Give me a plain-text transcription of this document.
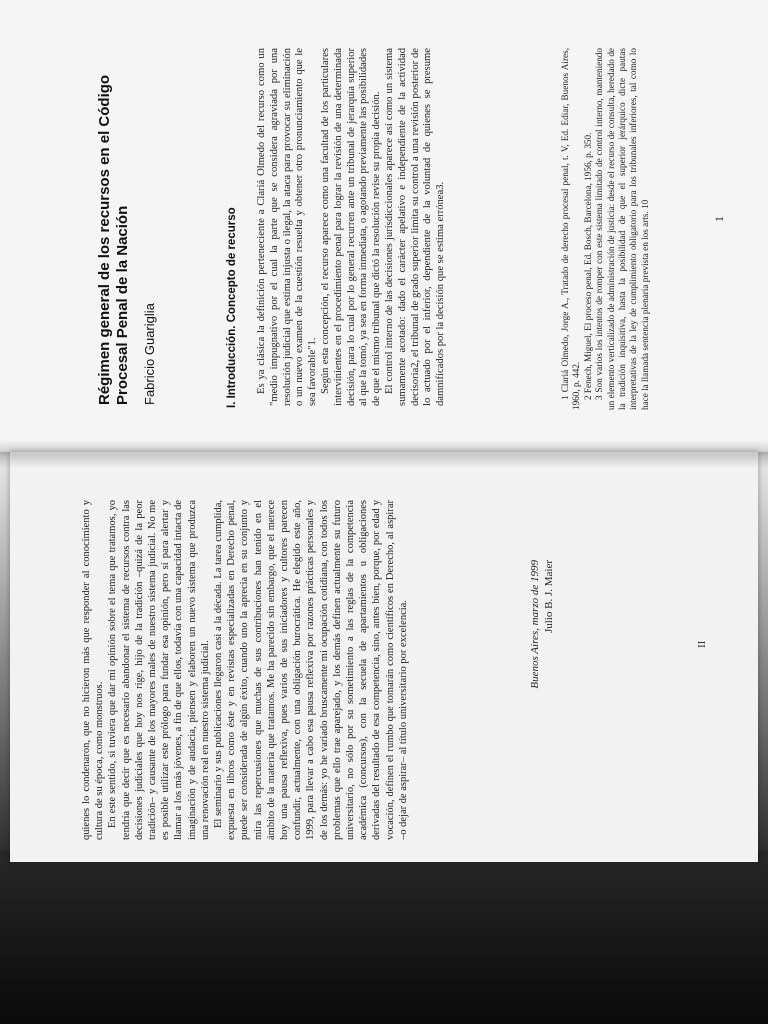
Régimen general de los recursos en el Código Procesal Penal de la Nación Fabricio Guariglia	I. Introducción. Concepto de recurso Es ya clásica la definición perteneciente a Clariá Olmedo del recurso como un "medio impugnativo por el cual la parte que se considera agraviada por una resolución judicial que estima injusta o ilegal, la ataca para provocar su eliminación o un nuevo examen de la cuestión resuelta y obtener otro pronunciamiento que le sea favorable"1. Según esta concepción, el recurso aparece como una facultad de los particulares intervinientes en el procedimiento penal para lograr la revisión de una determinada decisión, para lo cual por lo general recurren ante un tribunal de jerarquía superior al que la tomó, ya sea en forma inmediata, o agotando previamente las posibilidades de que el mismo tribunal que dictó la resolución revise su propia decisión. El control interno de las decisiones jurisdiccionales aparece así como un sistema sumamente acotado: dado el carácter apelativo e independiente de la actividad decisoria2, el tribunal de grado superior limita su control a una revisión posterior de lo actuado por el inferior, dependiente de la voluntad de quienes se presume damnificados por la decisión que se estima errónea3.	1 Clariá Olmedo, Jorge A., Tratado de derecho procesal penal, t. V, Ed. Ediar, Buenos Aires, 1960, p. 442. 2 Fenech, Miguel, El proceso penal, Ed. Bosch, Barcelona, 1956, p. 350. 3 Son varios los intentos de romper con este sistema limitado de control interno, manteniendo un elemento verticalizado de administración de justicia: desde el recurso de consulta, heredado de la tradición inquisitiva, hasta la posibilidad de que el superior jerárquico dicte pautas interpretativas de la ley de cumplimiento obligatorio para los tribunales inferiores, tal como lo hace la llamada sentencia plenaria prevista en los arts. 10	1

quienes lo condenaron, que no hicieron más que responder al conocimiento y cultura de su época, como monstruos. En este sentido, si tuviera que dar mi opinión sobre el tema que tratamos, yo tendría que decir que es necesario abandonar el sistema de recursos contra las decisiones judiciales que hoy nos rige, hijo de la tradición –quizá de la peor tradición– y causante de los mayores males de nuestro sistema judicial. No me es posible utilizar este prólogo para fundar esa opinión, pero sí para alertar y llamar a los más jóvenes, a fin de que ellos, todavía con una capacidad intacta de imaginación y de audacia, piensen y elaboren un nuevo sistema que produzca una renovación real en nuestro sistema judicial. El seminario y sus publicaciones llegaron casi a la década. La tarea cumplida, expuesta en libros como éste y en revistas especializadas en Derecho penal, puede ser considerada de algún éxito, cuando uno la aprecia en su conjunto y mira las repercusiones que muchas de sus contribuciones han tenido en el ámbito de la materia que tratamos. Me ha parecido sin embargo, que el merece hoy una pausa reflexiva, pues varios de sus iniciadores y cultores parecen confundir, actualmente, con una obligación burocrática. He elegido este año, 1999, para llevar a cabo esa pausa reflexiva por razones prácticas personales y de los demás: yo he variado bruscamente mi ocupación cotidiana, con todos los problemas que ello trae aparejado, y los demás definen actualmente su futuro universitario, no sólo por su sometimiento a las reglas de la competencia académica (concursos), con la secuela de apartamientos u obligaciones derivadas del resultado de esa competencia, sino, antes bien, porque, por edad y vocación, definen el rumbo que tomarán como científicos en Derecho, al aspirar –o dejar de aspirar– al título universitario por excelencia.	Buenos Aires, marzo de 1999 Julio B. J. Maier
II
